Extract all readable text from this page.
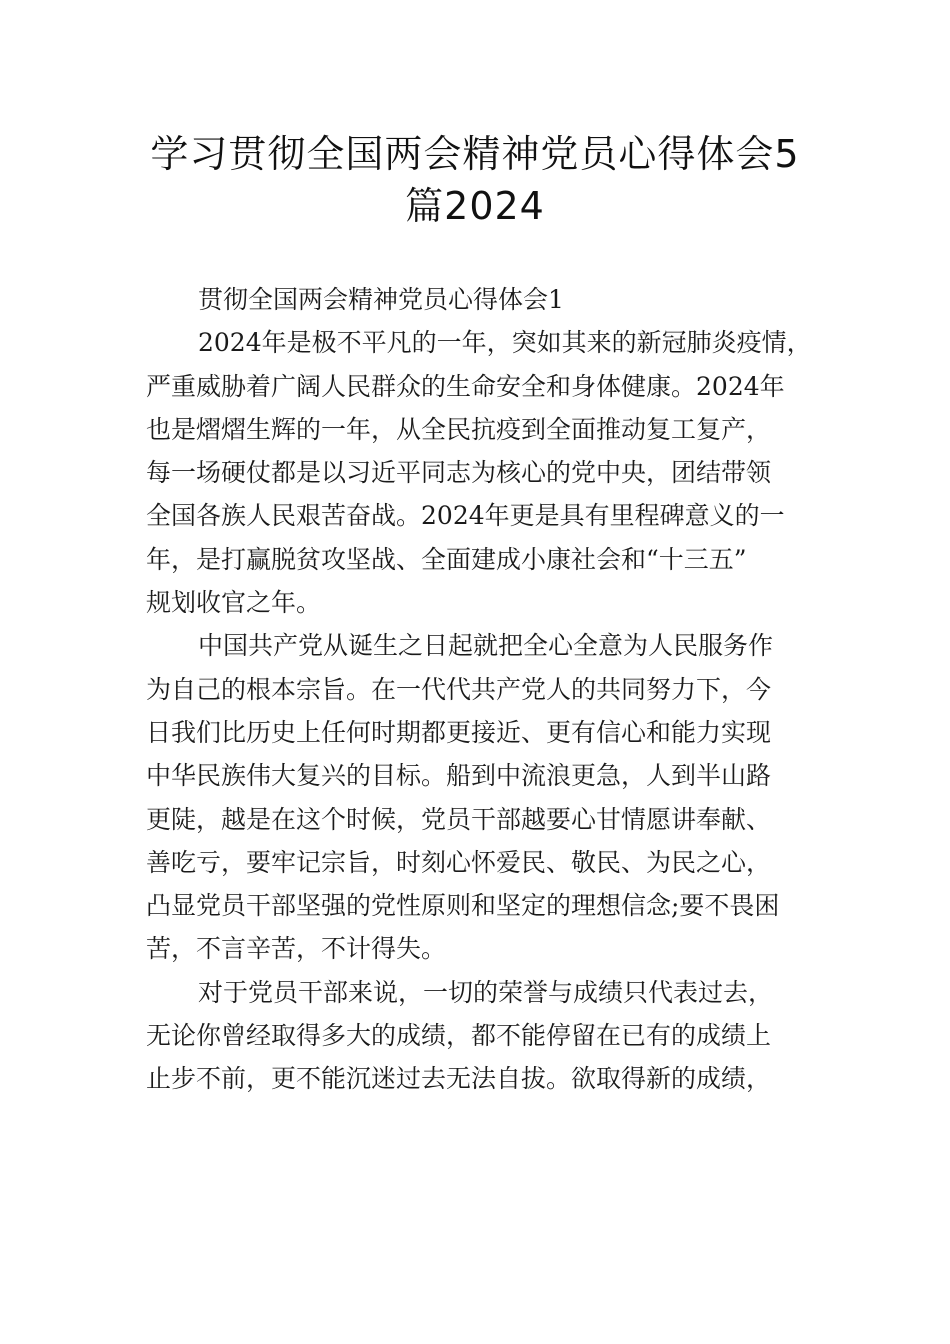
学习贯彻全国两会精神党员心得体会5
篇2024
贯彻全国两会精神党员心得体会1
2024年是极不平凡的一年，突如其来的新冠肺炎疫情，
严重威胁着广阔人民群众的生命安全和身体健康。2024年
也是熠熠生辉的一年，从全民抗疫到全面推动复工复产，
每一场硬仗都是以习近平同志为核心的党中央，团结带领
全国各族人民艰苦奋战。2024年更是具有里程碑意义的一
年，是打赢脱贫攻坚战、全面建成小康社会和“十三五”
规划收官之年。
中国共产党从诞生之日起就把全心全意为人民服务作
为自己的根本宗旨。在一代代共产党人的共同努力下，今
日我们比历史上任何时期都更接近、更有信心和能力实现
中华民族伟大复兴的目标。船到中流浪更急，人到半山路
更陡，越是在这个时候，党员干部越要心甘情愿讲奉献、
善吃亏，要牢记宗旨，时刻心怀爱民、敬民、为民之心，
凸显党员干部坚强的党性原则和坚定的理想信念;要不畏困
苦，不言辛苦，不计得失。
对于党员干部来说，一切的荣誉与成绩只代表过去，
无论你曾经取得多大的成绩，都不能停留在已有的成绩上
止步不前，更不能沉迷过去无法自拔。欲取得新的成绩，
